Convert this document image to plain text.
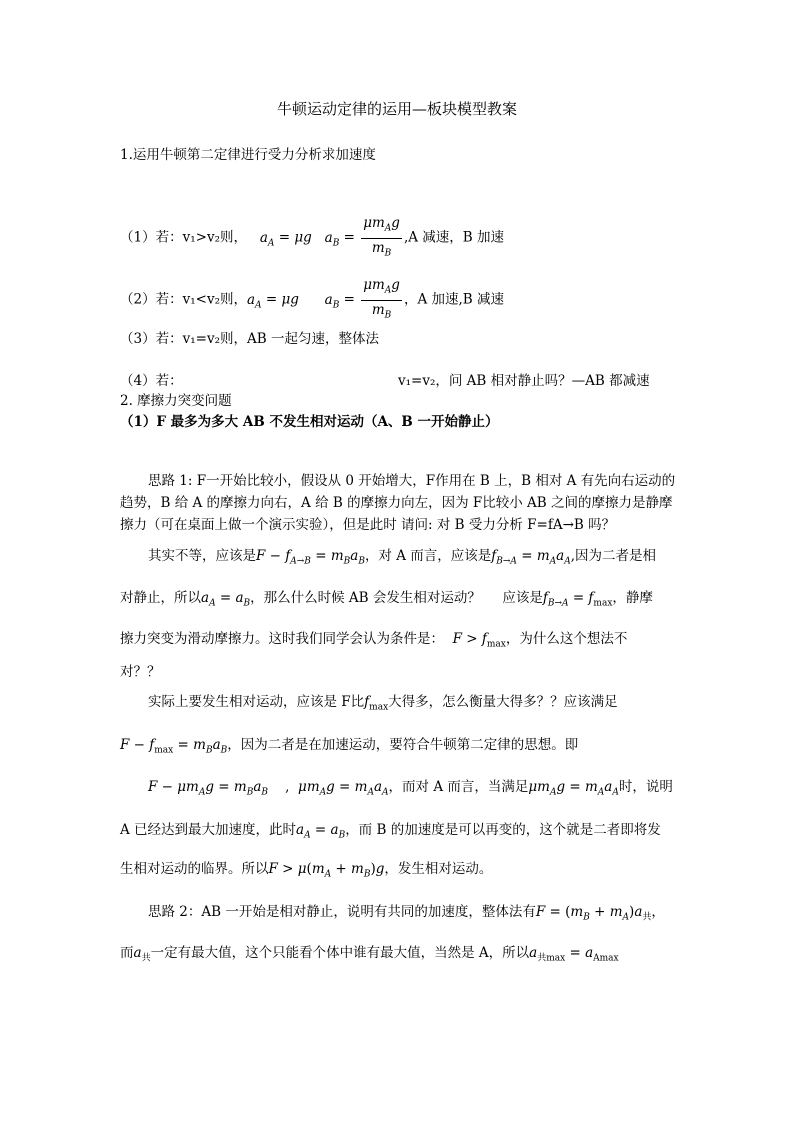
牛顿运动定律的运用—板块模型教案
1.运用牛顿第二定律进行受力分析求加速度
（1）若：v₁>v₂则， $a_A = \mu g$ $a_B = \frac{\mu m_Ag}{m_B} ,A$ 减速，B 加速
（2）若：v₁<v₂则，$a_A = \mu g$ $a_B = \frac{\mu m_Ag}{m_B}$ ，A 加速,B 减速
（3）若：v₁=v₂则，AB 一起匀速，整体法
（4）若：	v₁=v₂，问 AB 相对静止吗？—AB 都减速
2. 摩擦力突变问题
（1）F 最多为多大 AB 不发生相对运动（A、B 一开始静止）
思路 1: F一开始比较小，假设从 0 开始增大，F作用在 B 上，B 相对 A 有先向右运动的趋势，B 给 A 的摩擦力向右，A 给 B 的摩擦力向左，因为 F比较小 AB 之间的摩擦力是静摩擦力（可在桌面上做一个演示实验），但是此时 请问: 对 B 受力分析 F=fA→B 吗？
其实不等，应该是$F - f_{A\to B} = m_Ba_B$，对 A 而言，应该是$f_{B\to A} = m_Aa_A$,因为二者是相
对静止，所以$a_A = a_B$，那么什么时候 AB 会发生相对运动？ 应该是$f_{B\to A} = f_{max}$，静摩
擦力突变为滑动摩擦力。这时我们同学会认为条件是： $F > f_{max}$，为什么这个想法不
对？？
实际上要发生相对运动，应该是 F比$f_{max}$大得多，怎么衡量大得多？？应该满足
$F - f_{max} = m_Ba_B$，因为二者是在加速运动，要符合牛顿第二定律的思想。即
$F - \mu m_Ag = m_Ba_B$    ,  $\mu m_Ag = m_Aa_A$，而对 A 而言，当满足$\mu m_Ag = m_Aa_A$时，说明
A 已经达到最大加速度，此时$a_A = a_B$，而 B 的加速度是可以再变的，这个就是二者即将发
生相对运动的临界。所以$F > \mu(m_A + m_B)g$，发生相对运动。
思路 2：AB 一开始是相对静止，说明有共同的加速度，整体法有$F = (m_B + m_A)a_共$，
而$a_共$一定有最大值，这个只能看个体中谁有最大值，当然是 A，所以$a_{共max} = a_{Amax}$
